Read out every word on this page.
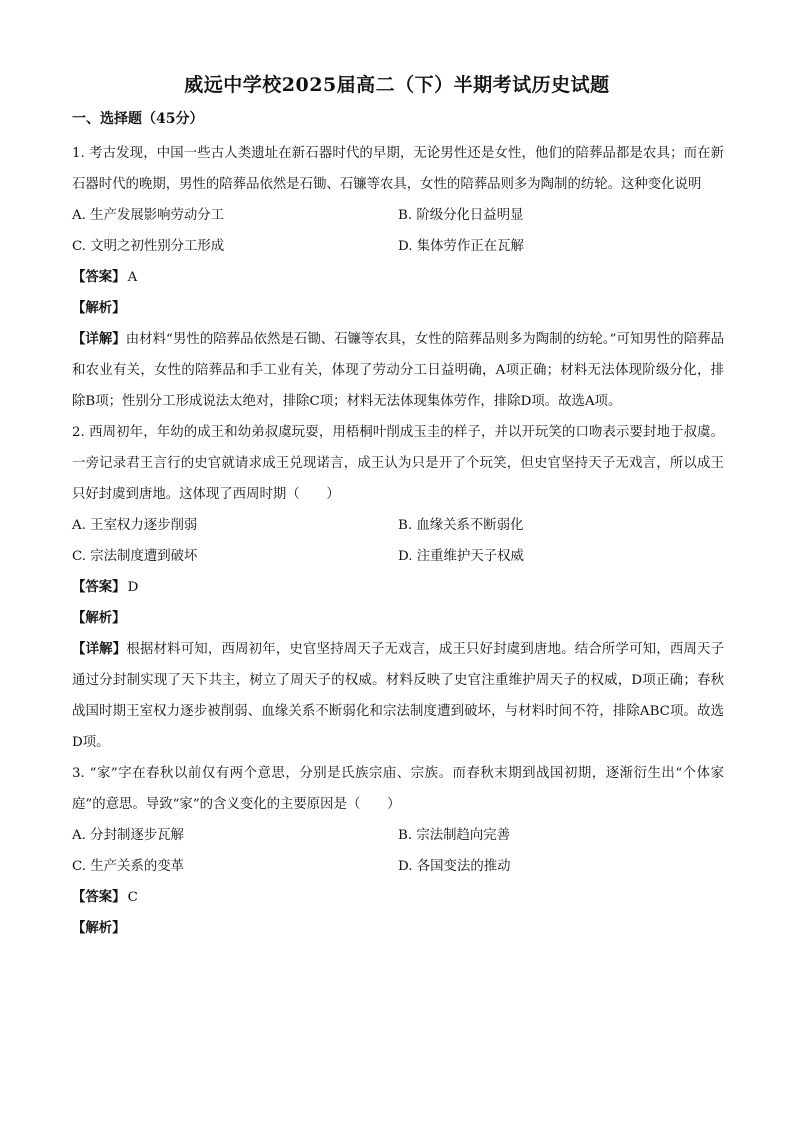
威远中学校2025届高二（下）半期考试历史试题
一、选择题（45分）

1. 考古发现，中国一些古人类遗址在新石器时代的早期，无论男性还是女性，他们的陪葬品都是农具；而在新石器时代的晚期，男性的陪葬品依然是石锄、石镰等农具，女性的陪葬品则多为陶制的纺轮。这种变化说明

A. 生产发展影响劳动分工	B. 阶级分化日益明显

C. 文明之初性别分工形成	D. 集体劳作正在瓦解

【答案】 A

【解析】

【详解】由材料“男性的陪葬品依然是石锄、石镰等农具，女性的陪葬品则多为陶制的纺轮。”可知男性的陪葬品和农业有关，女性的陪葬品和手工业有关，体现了劳动分工日益明确，A项正确；材料无法体现阶级分化，排除B项；性别分工形成说法太绝对，排除C项；材料无法体现集体劳作，排除D项。故选A项。

2. 西周初年，年幼的成王和幼弟叔虞玩耍，用梧桐叶削成玉圭的样子，并以开玩笑的口吻表示要封地于叔虞。一旁记录君王言行的史官就请求成王兑现诺言，成王认为只是开了个玩笑，但史官坚持天子无戏言，所以成王只好封虞到唐地。这体现了西周时期（　　）

A. 王室权力逐步削弱	B. 血缘关系不断弱化

C. 宗法制度遭到破坏	D. 注重维护天子权威

【答案】 D

【解析】

【详解】根据材料可知，西周初年，史官坚持周天子无戏言，成王只好封虞到唐地。结合所学可知，西周天子通过分封制实现了天下共主，树立了周天子的权威。材料反映了史官注重维护周天子的权威，D项正确；春秋战国时期王室权力逐步被削弱、血缘关系不断弱化和宗法制度遭到破坏，与材料时间不符，排除ABC项。故选D项。

3. “家”字在春秋以前仅有两个意思，分别是氏族宗庙、宗族。而春秋末期到战国初期，逐渐衍生出“个体家庭”的意思。导致“家”的含义变化的主要原因是（　　）

A. 分封制逐步瓦解	B. 宗法制趋向完善

C. 生产关系的变革	D. 各国变法的推动

【答案】 C

【解析】
